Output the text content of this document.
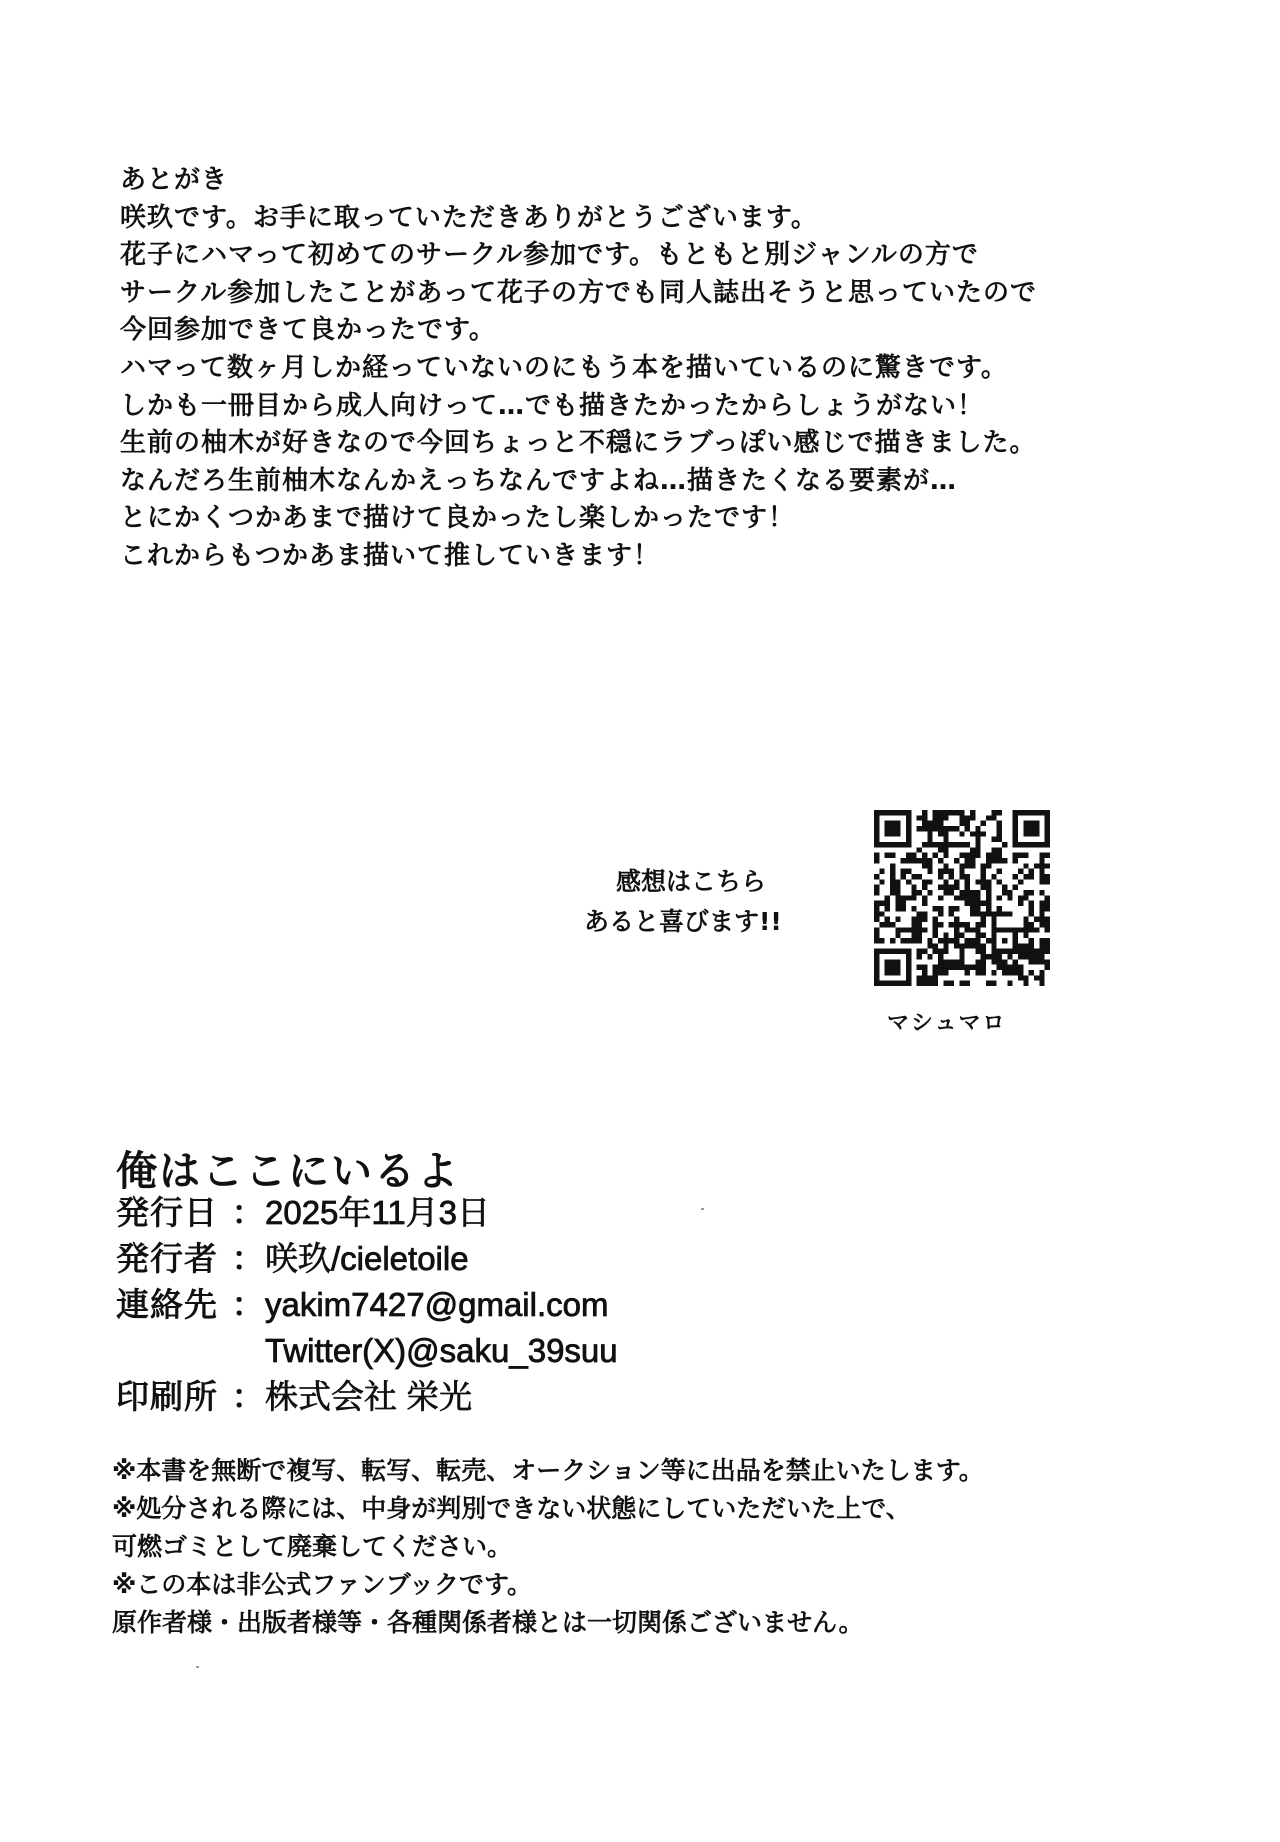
あとがき
咲玖です。お手に取っていただきありがとうございます。
花子にハマって初めてのサークル参加です。もともと別ジャンルの方で
サークル参加したことがあって花子の方でも同人誌出そうと思っていたので
今回参加できて良かったです。
ハマって数ヶ月しか経っていないのにもう本を描いているのに驚きです。
しかも一冊目から成人向けって…でも描きたかったからしょうがない！
生前の柚木が好きなので今回ちょっと不穏にラブっぽい感じで描きました。
なんだろ生前柚木なんかえっちなんですよね…描きたくなる要素が…
とにかくつかあまで描けて良かったし楽しかったです！
これからもつかあま描いて推していきます！
感想はこちら
あると喜びます!!
マシュマロ
俺はここにいるよ
発行日 ： 2025年11月3日
発行者 ： 咲玖/cieletoile
連絡先 ： yakim7427@gmail.com
Twitter(X)@saku_39suu
印刷所 ： 株式会社 栄光
※本書を無断で複写、転写、転売、オークション等に出品を禁止いたします。
※処分される際には、中身が判別できない状態にしていただいた上で、
可燃ゴミとして廃棄してください。
※この本は非公式ファンブックです。
原作者様・出版者様等・各種関係者様とは一切関係ございません。
